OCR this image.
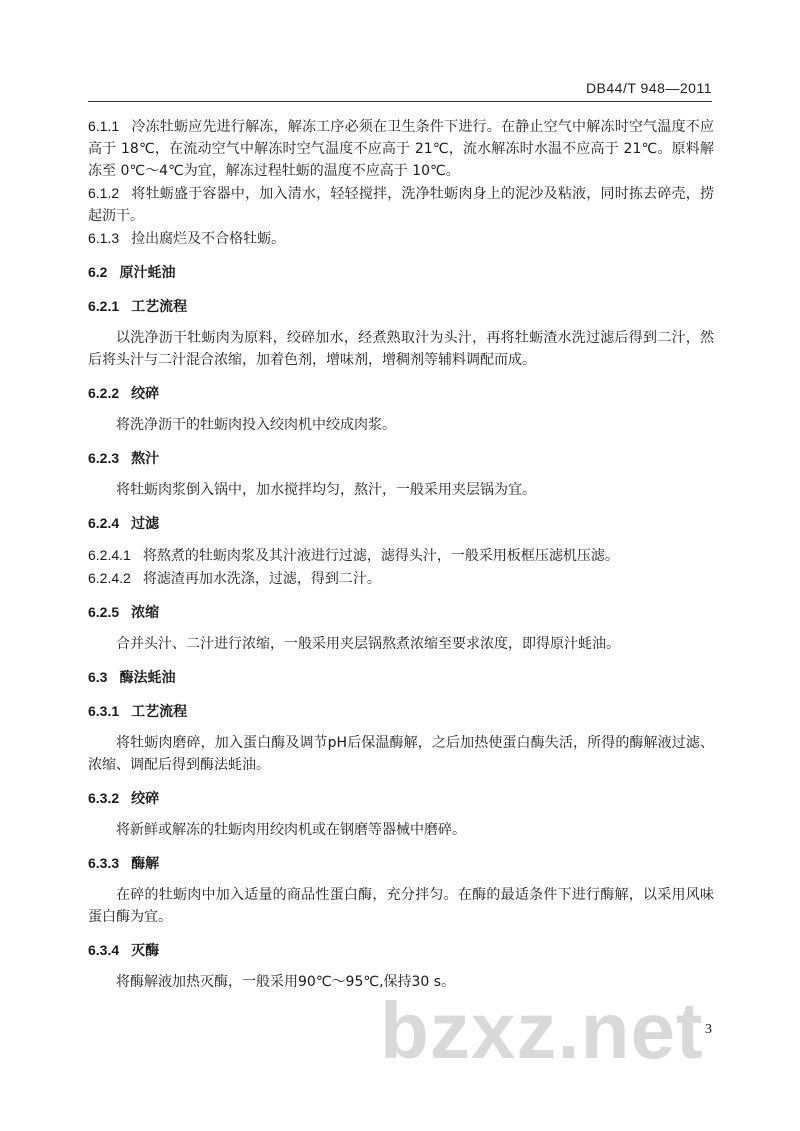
DB44/T 948—2011

6.1.1 冷冻牡蛎应先进行解冻，解冻工序必须在卫生条件下进行。在静止空气中解冻时空气温度不应高于 18℃，在流动空气中解冻时空气温度不应高于 21℃，流水解冻时水温不应高于 21℃。原料解冻至 0℃～4℃为宜，解冻过程牡蛎的温度不应高于 10℃。

6.1.2 将牡蛎盛于容器中，加入清水，轻轻搅拌，洗净牡蛎肉身上的泥沙及粘液，同时拣去碎壳，捞起沥干。

6.1.3 捡出腐烂及不合格牡蛎。

6.2 原汁蚝油

6.2.1 工艺流程

以洗净沥干牡蛎肉为原料，绞碎加水，经煮熟取汁为头汁，再将牡蛎渣水洗过滤后得到二汁，然后将头汁与二汁混合浓缩，加着色剂，增味剂，增稠剂等辅料调配而成。

6.2.2 绞碎

将洗净沥干的牡蛎肉投入绞肉机中绞成肉浆。

6.2.3 熬汁

将牡蛎肉浆倒入锅中，加水搅拌均匀，熬汁，一般采用夹层锅为宜。

6.2.4 过滤

6.2.4.1 将熬煮的牡蛎肉浆及其汁液进行过滤，滤得头汁，一般采用板框压滤机压滤。

6.2.4.2 将滤渣再加水洗涤，过滤，得到二汁。

6.2.5 浓缩

合并头汁、二汁进行浓缩，一般采用夹层锅熬煮浓缩至要求浓度，即得原汁蚝油。

6.3 酶法蚝油

6.3.1 工艺流程

将牡蛎肉磨碎，加入蛋白酶及调节pH后保温酶解，之后加热使蛋白酶失活，所得的酶解液过滤、浓缩、调配后得到酶法蚝油。

6.3.2 绞碎

将新鲜或解冻的牡蛎肉用绞肉机或在钢磨等器械中磨碎。

6.3.3 酶解

在碎的牡蛎肉中加入适量的商品性蛋白酶，充分拌匀。在酶的最适条件下进行酶解，以采用风味蛋白酶为宜。

6.3.4 灭酶

将酶解液加热灭酶，一般采用90℃～95℃,保持30 s。

3
bzxz.net
